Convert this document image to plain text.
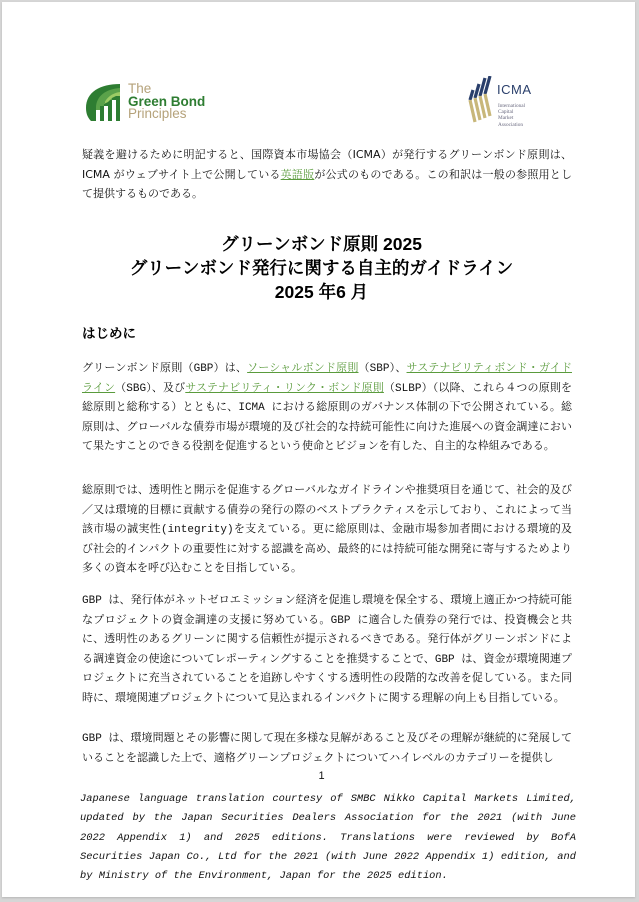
The
Green Bond
Principles
ICMA
International
Capital
Market
Association
疑義を避けるために明記すると、国際資本市場協会（ICMA）が発行するグリーンボンド原則は、ICMA がウェブサイト上で公開している英語版が公式のものである。この和訳は一般の参照用として提供するものである。
グリーンボンド原則 2025
グリーンボンド発行に関する自主的ガイドライン
2025 年6 月
はじめに
グリーンボンド原則（GBP）は、ソーシャルボンド原則（SBP）、サステナビリティボンド・ガイドライン（SBG）、及びサステナビリティ・リンク・ボンド原則（SLBP）（以降、これら４つの原則を総原則と総称する）とともに、ICMA における総原則のガバナンス体制の下で公開されている。総原則は、グローバルな債券市場が環境的及び社会的な持続可能性に向けた進展への資金調達において果たすことのできる役割を促進するという使命とビジョンを有した、自主的な枠組みである。
総原則では、透明性と開示を促進するグローバルなガイドラインや推奨項目を通じて、社会的及び／又は環境的目標に貢献する債券の発行の際のベストプラクティスを示しており、これによって当該市場の誠実性(integrity)を支えている。更に総原則は、金融市場参加者間における環境的及び社会的インパクトの重要性に対する認識を高め、最終的には持続可能な開発に寄与するためより多くの資本を呼び込むことを目指している。
GBP は、発行体がネットゼロエミッション経済を促進し環境を保全する、環境上適正かつ持続可能なプロジェクトの資金調達の支援に努めている。GBP に適合した債券の発行では、投資機会と共に、透明性のあるグリーンに関する信頼性が提示されるべきである。発行体がグリーンボンドによる調達資金の使途についてレポーティングすることを推奨することで、GBP は、資金が環境関連プロジェクトに充当されていることを追跡しやすくする透明性の段階的な改善を促している。また同時に、環境関連プロジェクトについて見込まれるインパクトに関する理解の向上も目指している。
GBP は、環境問題とその影響に関して現在多様な見解があること及びその理解が継続的に発展していることを認識した上で、適格グリーンプロジェクトについてハイレベルのカテゴリーを提供し
1
Japanese language translation courtesy of SMBC Nikko Capital Markets Limited, updated by the Japan Securities Dealers Association for the 2021 (with June 2022 Appendix 1) and 2025 editions. Translations were reviewed by BofA Securities Japan Co., Ltd for the 2021 (with June 2022 Appendix 1) edition, and by Ministry of the Environment, Japan for the 2025 edition.
